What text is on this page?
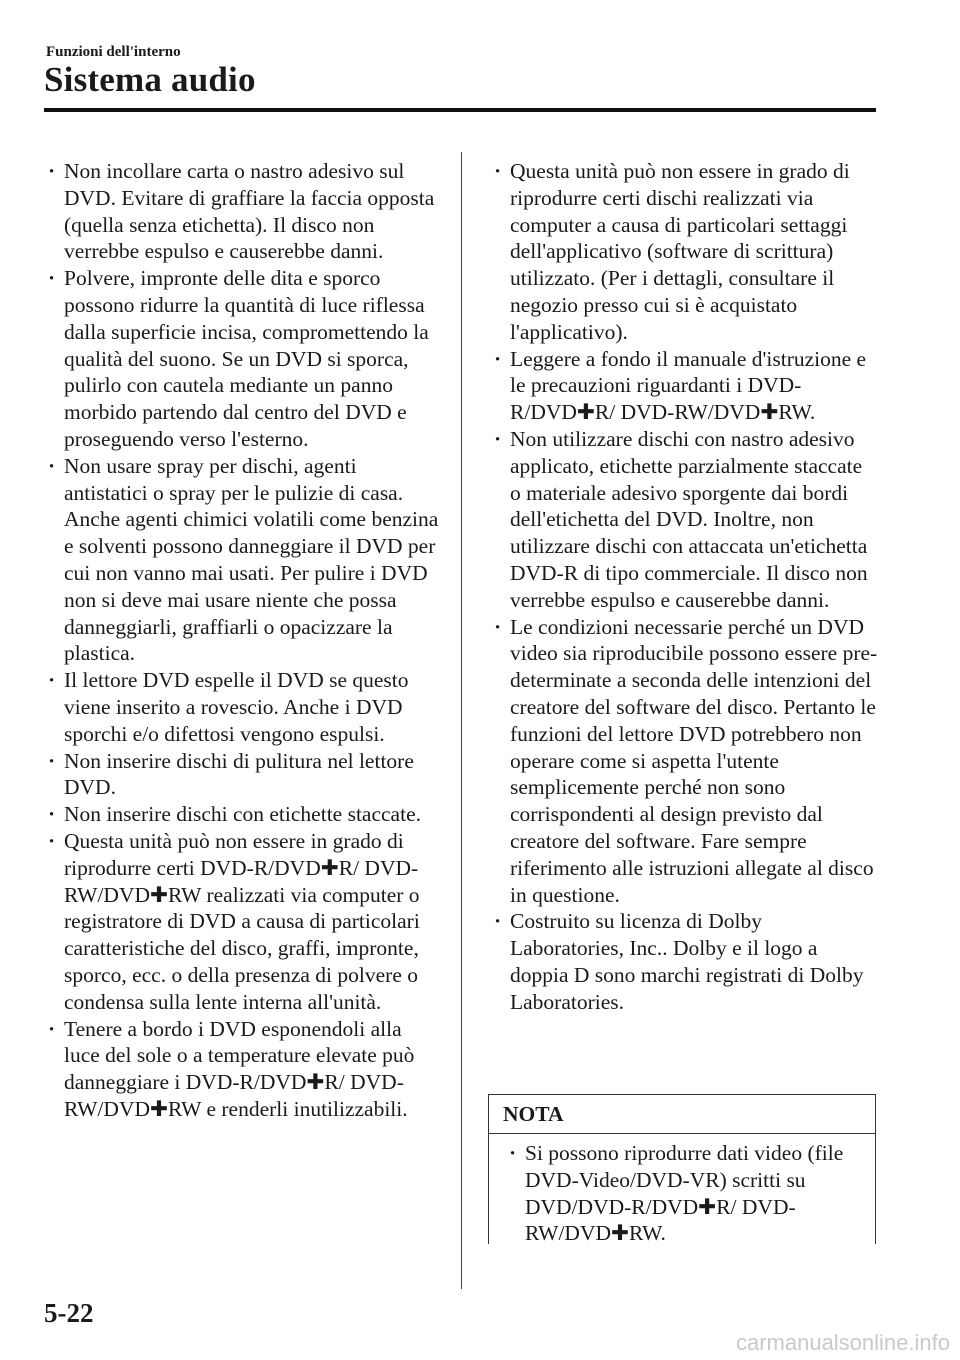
Funzioni dell'interno

Sistema audio
· Non incollare carta o nastro adesivo sul DVD. Evitare di graffiare la faccia opposta (quella senza etichetta). Il disco non verrebbe espulso e causerebbe danni.
· Polvere, impronte delle dita e sporco possono ridurre la quantità di luce riflessa dalla superficie incisa, compromettendo la qualità del suono. Se un DVD si sporca, pulirlo con cautela mediante un panno morbido partendo dal centro del DVD e proseguendo verso l'esterno.
· Non usare spray per dischi, agenti antistatici o spray per le pulizie di casa. Anche agenti chimici volatili come benzina e solventi possono danneggiare il DVD per cui non vanno mai usati. Per pulire i DVD non si deve mai usare niente che possa danneggiarli, graffiarli o opacizzare la plastica.
· Il lettore DVD espelle il DVD se questo viene inserito a rovescio. Anche i DVD sporchi e/o difettosi vengono espulsi.
· Non inserire dischi di pulitura nel lettore DVD.
· Non inserire dischi con etichette staccate.
· Questa unità può non essere in grado di riprodurre certi DVD-R/DVD✚R/ DVD-RW/DVD✚RW realizzati via computer o registratore di DVD a causa di particolari caratteristiche del disco, graffi, impronte, sporco, ecc. o della presenza di polvere o condensa sulla lente interna all'unità.
· Tenere a bordo i DVD esponendoli alla luce del sole o a temperature elevate può danneggiare i DVD-R/DVD✚R/ DVD-RW/DVD✚RW e renderli inutilizzabili.
· Questa unità può non essere in grado di riprodurre certi dischi realizzati via computer a causa di particolari settaggi dell'applicativo (software di scrittura) utilizzato. (Per i dettagli, consultare il negozio presso cui si è acquistato l'applicativo).
· Leggere a fondo il manuale d'istruzione e le precauzioni riguardanti i DVD-R/DVD✚R/ DVD-RW/DVD✚RW.
· Non utilizzare dischi con nastro adesivo applicato, etichette parzialmente staccate o materiale adesivo sporgente dai bordi dell'etichetta del DVD. Inoltre, non utilizzare dischi con attaccata un'etichetta DVD-R di tipo commerciale. Il disco non verrebbe espulso e causerebbe danni.
· Le condizioni necessarie perché un DVD video sia riproducibile possono essere pre-determinate a seconda delle intenzioni del creatore del software del disco. Pertanto le funzioni del lettore DVD potrebbero non operare come si aspetta l'utente semplicemente perché non sono corrispondenti al design previsto dal creatore del software. Fare sempre riferimento alle istruzioni allegate al disco in questione.
· Costruito su licenza di Dolby Laboratories, Inc.. Dolby e il logo a doppia D sono marchi registrati di Dolby Laboratories.

NOTA

· Si possono riprodurre dati video (file DVD-Video/DVD-VR) scritti su DVD/DVD-R/DVD✚R/ DVD-RW/DVD✚RW.

5-22

carmanualsonline.info
